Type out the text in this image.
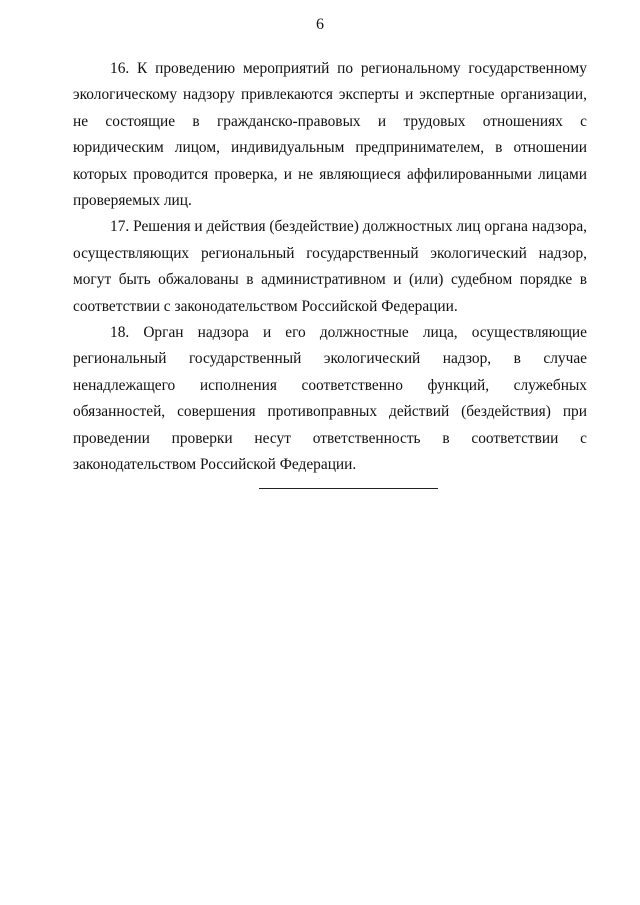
6

16. К проведению мероприятий по региональному государственному экологическому надзору привлекаются эксперты и экспертные организации, не состоящие в гражданско-правовых и трудовых отношениях с юридическим лицом, индивидуальным предпринимателем, в отношении которых проводится проверка, и не являющиеся аффилированными лицами проверяемых лиц.

17. Решения и действия (бездействие) должностных лиц органа надзора, осуществляющих региональный государственный экологический надзор, могут быть обжалованы в административном и (или) судебном порядке в соответствии с законодательством Российской Федерации.

18. Орган надзора и его должностные лица, осуществляющие региональный государственный экологический надзор, в случае ненадлежащего исполнения соответственно функций, служебных обязанностей, совершения противоправных действий (бездействия) при проведении проверки несут ответственность в соответствии с законодательством Российской Федерации.
